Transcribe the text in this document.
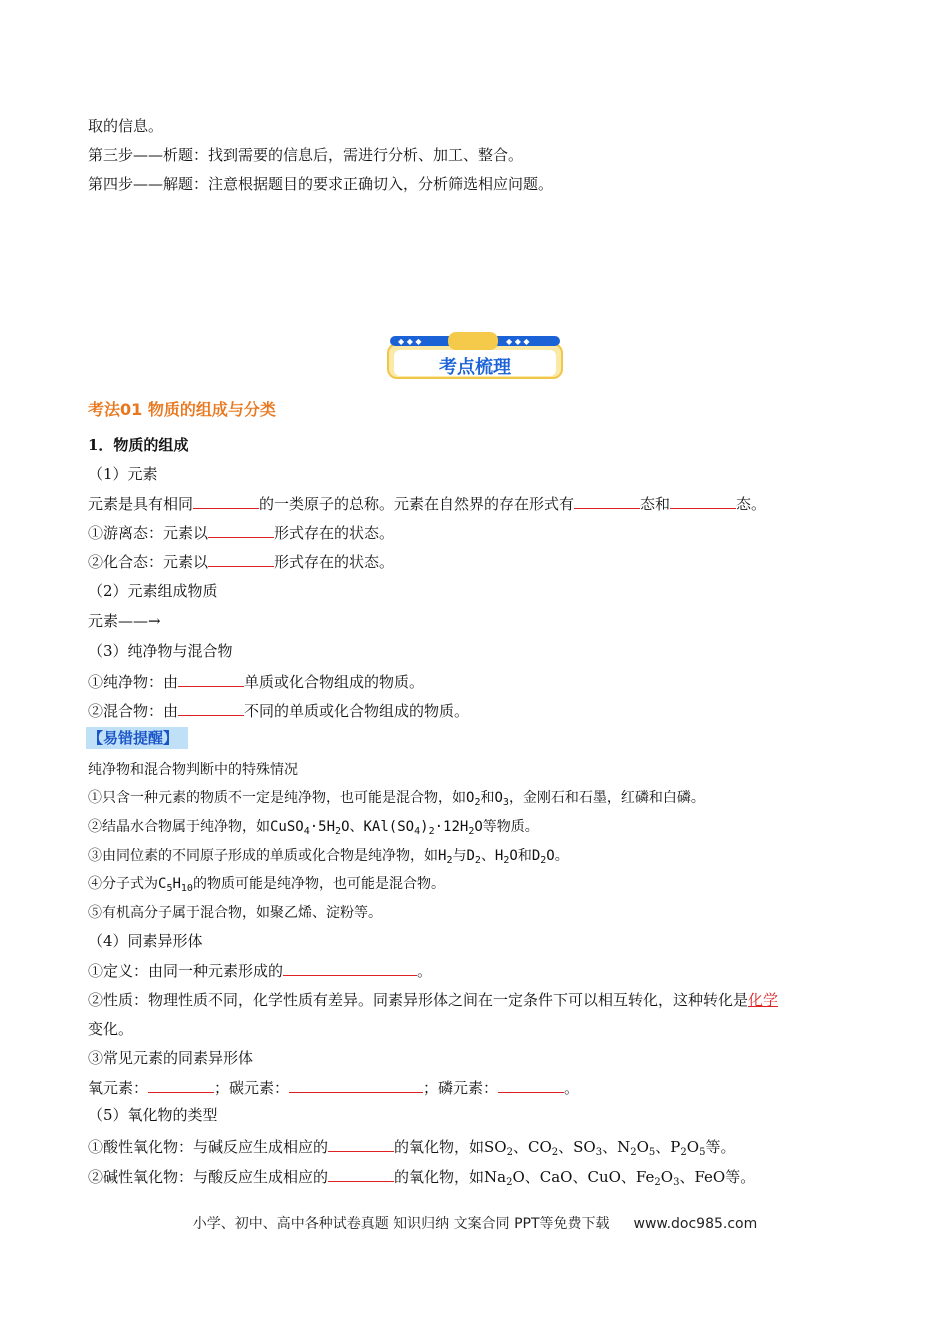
取的信息。
第三步——析题：找到需要的信息后，需进行分析、加工、整合。
第四步——解题：注意根据题目的要求正确切入，分析筛选相应问题。
◆ ◆ ◆	◆ ◆ ◆
考点梳理
考法01 物质的组成与分类
1．物质的组成
（1）元素
元素是具有相同	的一类原子的总称。元素在自然界的存在形式有	态和	态。
①游离态：元素以	形式存在的状态。
②化合态：元素以	形式存在的状态。
（2）元素组成物质
元素——→
（3）纯净物与混合物
①纯净物：由	单质或化合物组成的物质。
②混合物：由	不同的单质或化合物组成的物质。
【易错提醒】
纯净物和混合物判断中的特殊情况
①只含一种元素的物质不一定是纯净物，也可能是混合物，如$O_2$和$O_3$，金刚石和石墨，红磷和白磷。
②结晶水合物属于纯净物，如$CuSO_4\cdot 5H_2O$、$KAl(SO_4)_2\cdot 12H_2O$等物质。
③由同位素的不同原子形成的单质或化合物是纯净物，如$H_2$与$D_2$、$H_2O$和$D_2O$。
④分子式为$C_5H_{10}$的物质可能是纯净物，也可能是混合物。
⑤有机高分子属于混合物，如聚乙烯、淀粉等。
（4）同素异形体
①定义：由同一种元素形成的	。
②性质：物理性质不同，化学性质有差异。同素异形体之间在一定条件下可以相互转化，这种转化是化学
变化。
③常见元素的同素异形体
氧元素：	；碳元素：	；磷元素：	。
（5）氧化物的类型
①酸性氧化物：与碱反应生成相应的	的氧化物，如$SO_2$、$CO_2$、$SO_3$、$N_2O_5$、$P_2O_5$等。
②碱性氧化物：与酸反应生成相应的	的氧化物，如$Na_2O$、CaO、CuO、$Fe_2O_3$、FeO等。
小学、初中、高中各种试卷真题 知识归纳 文案合同 PPT等免费下载 www.doc985.com
